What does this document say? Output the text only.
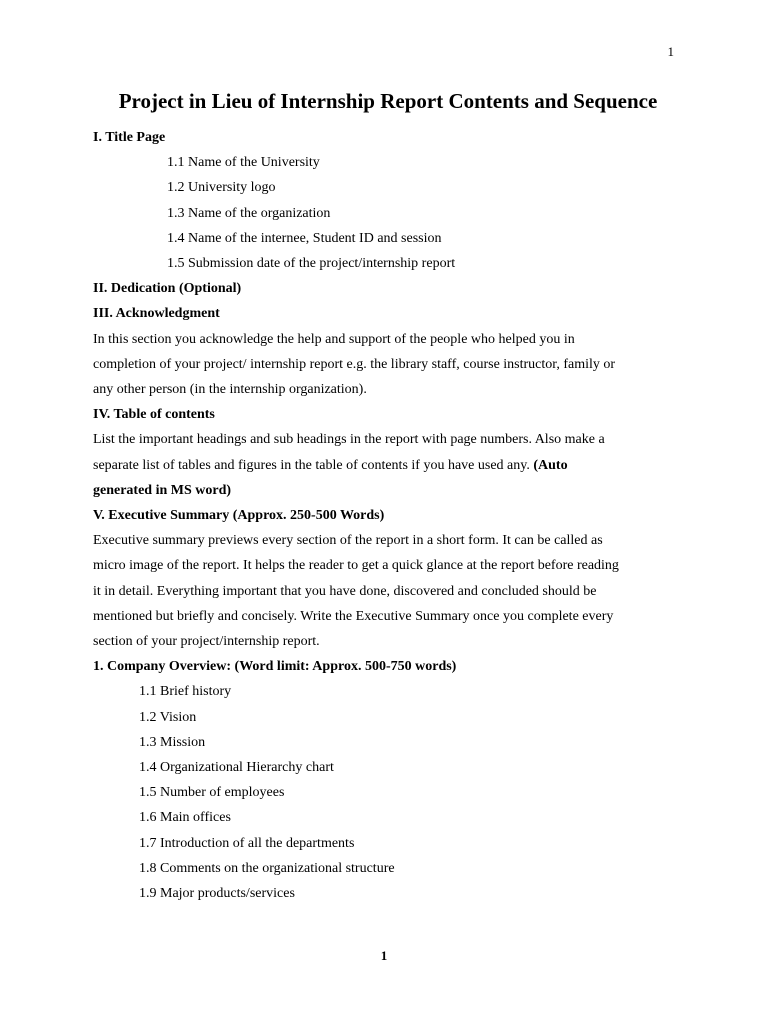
1
Project in Lieu of Internship Report Contents and Sequence
I. Title Page
1.1 Name of the University
1.2 University logo
1.3 Name of the organization
1.4 Name of the internee, Student ID and session
1.5 Submission date of the project/internship report
II. Dedication (Optional)
III. Acknowledgment
In this section you acknowledge the help and support of the people who helped you in
completion of your project/ internship report e.g. the library staff, course instructor, family or
any other person (in the internship organization).
IV. Table of contents
List the important headings and sub headings in the report with page numbers. Also make a
separate list of tables and figures in the table of contents if you have used any. (Auto
generated in MS word)
V. Executive Summary (Approx. 250-500 Words)
Executive summary previews every section of the report in a short form. It can be called as
micro image of the report. It helps the reader to get a quick glance at the report before reading
it in detail. Everything important that you have done, discovered and concluded should be
mentioned but briefly and concisely. Write the Executive Summary once you complete every
section of your project/internship report.
1. Company Overview: (Word limit: Approx. 500-750 words)
1.1 Brief history
1.2 Vision
1.3 Mission
1.4 Organizational Hierarchy chart
1.5 Number of employees
1.6 Main offices
1.7 Introduction of all the departments
1.8 Comments on the organizational structure
1.9 Major products/services
1
